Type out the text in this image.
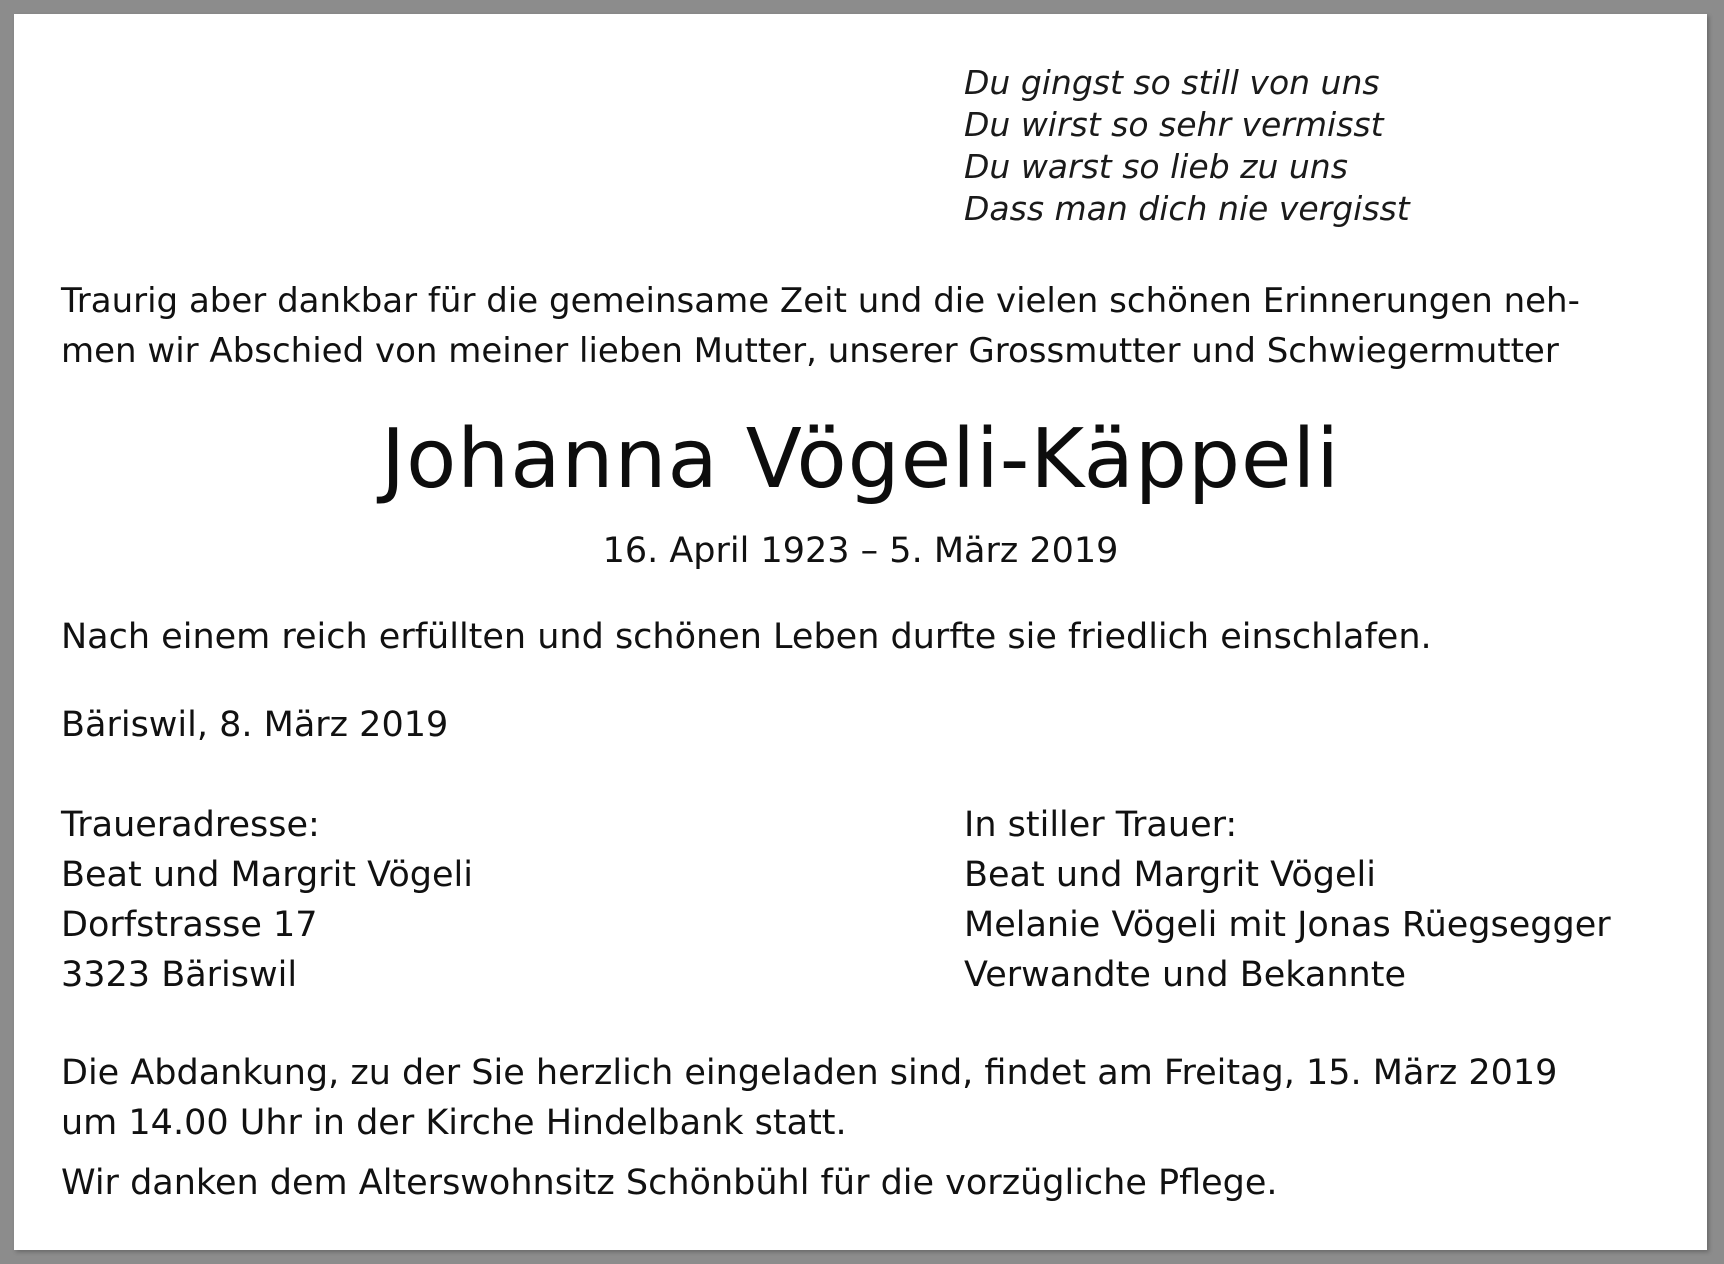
Du gingst so still von uns
Du wirst so sehr vermisst
Du warst so lieb zu uns
Dass man dich nie vergisst
Traurig aber dankbar für die gemeinsame Zeit und die vielen schönen Erinnerungen neh-
men wir Abschied von meiner lieben Mutter, unserer Grossmutter und Schwiegermutter
Johanna Vögeli-Käppeli
16. April 1923 – 5. März 2019
Nach einem reich erfüllten und schönen Leben durfte sie friedlich einschlafen.
Bäriswil, 8. März 2019
Traueradresse:
Beat und Margrit Vögeli
Dorfstrasse 17
3323 Bäriswil
In stiller Trauer:
Beat und Margrit Vögeli
Melanie Vögeli mit Jonas Rüegsegger
Verwandte und Bekannte
Die Abdankung, zu der Sie herzlich eingeladen sind, findet am Freitag, 15. März 2019
um 14.00 Uhr in der Kirche Hindelbank statt.
Wir danken dem Alterswohnsitz Schönbühl für die vorzügliche Pflege.
